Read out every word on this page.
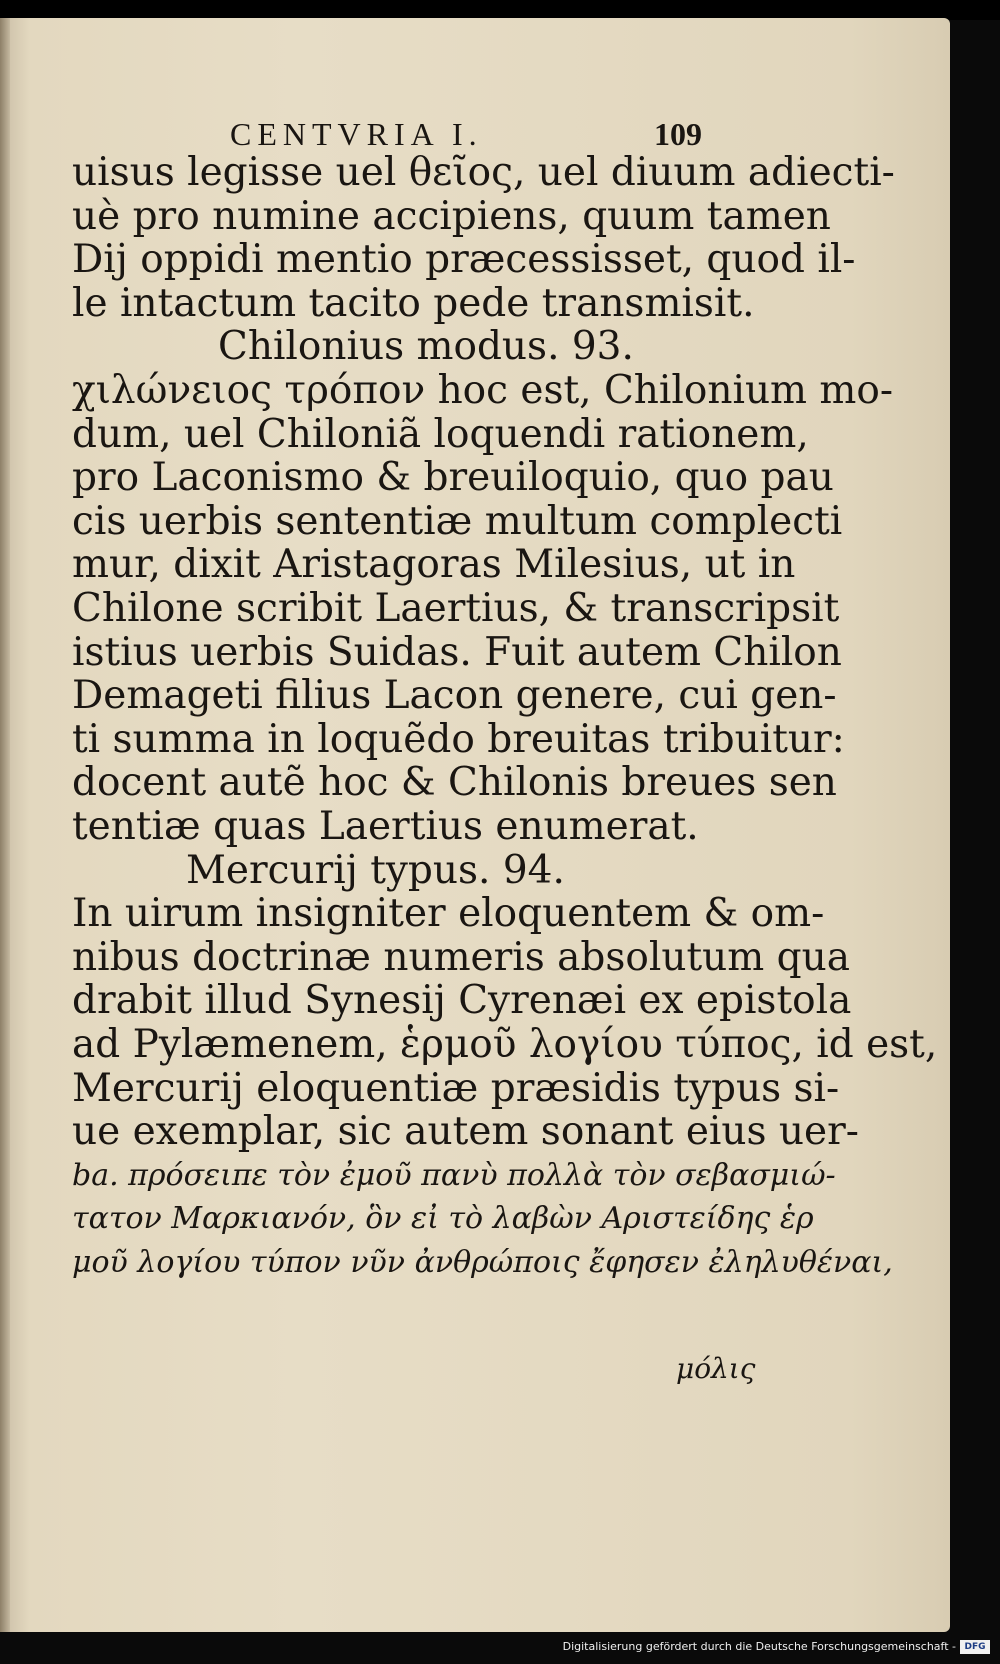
CENTVRIA I.	109
uisus legisse uel θεῖος, uel diuum adiecti-
uè pro numine accipiens, quum tamen
Dij oppidi mentio præcessisset, quod il-
le intactum tacito pede transmisit.
Chilonius modus. 93.
χιλώνειος τρόπον hoc est, Chilonium mo-
dum, uel Chiloniã loquendi rationem,
pro Laconismo & breuiloquio, quo pau
cis uerbis sententiæ multum complecti
mur, dixit Aristagoras Milesius, ut in
Chilone scribit Laertius, & transcripsit
istius uerbis Suidas. Fuit autem Chilon
Demageti filius Lacon genere, cui gen-
ti summa in loquẽdo breuitas tribuitur:
docent autẽ hoc & Chilonis breues sen
tentiæ quas Laertius enumerat.
Mercurij typus. 94.
In uirum insigniter eloquentem & om-
nibus doctrinæ numeris absolutum qua
drabit illud Synesij Cyrenæi ex epistola
ad Pylæmenem, ἑρμοῦ λογίου τύπος, id est,
Mercurij eloquentiæ præsidis typus si-
ue exemplar, sic autem sonant eius uer-
ba. πρόσειπε τὸν ἐμοῦ πανὺ πολλὰ τὸν σεβασμιώ-
τατον Μαρκιανόν, ὃν εἰ τὸ λαβὼν Αριστείδης ἑρ
μοῦ λογίου τύπον νῦν ἀνθρώποις ἔφησεν ἐληλυθέναι,
μόλις
Digitalisierung gefördert durch die Deutsche Forschungsgemeinschaft - DFG
